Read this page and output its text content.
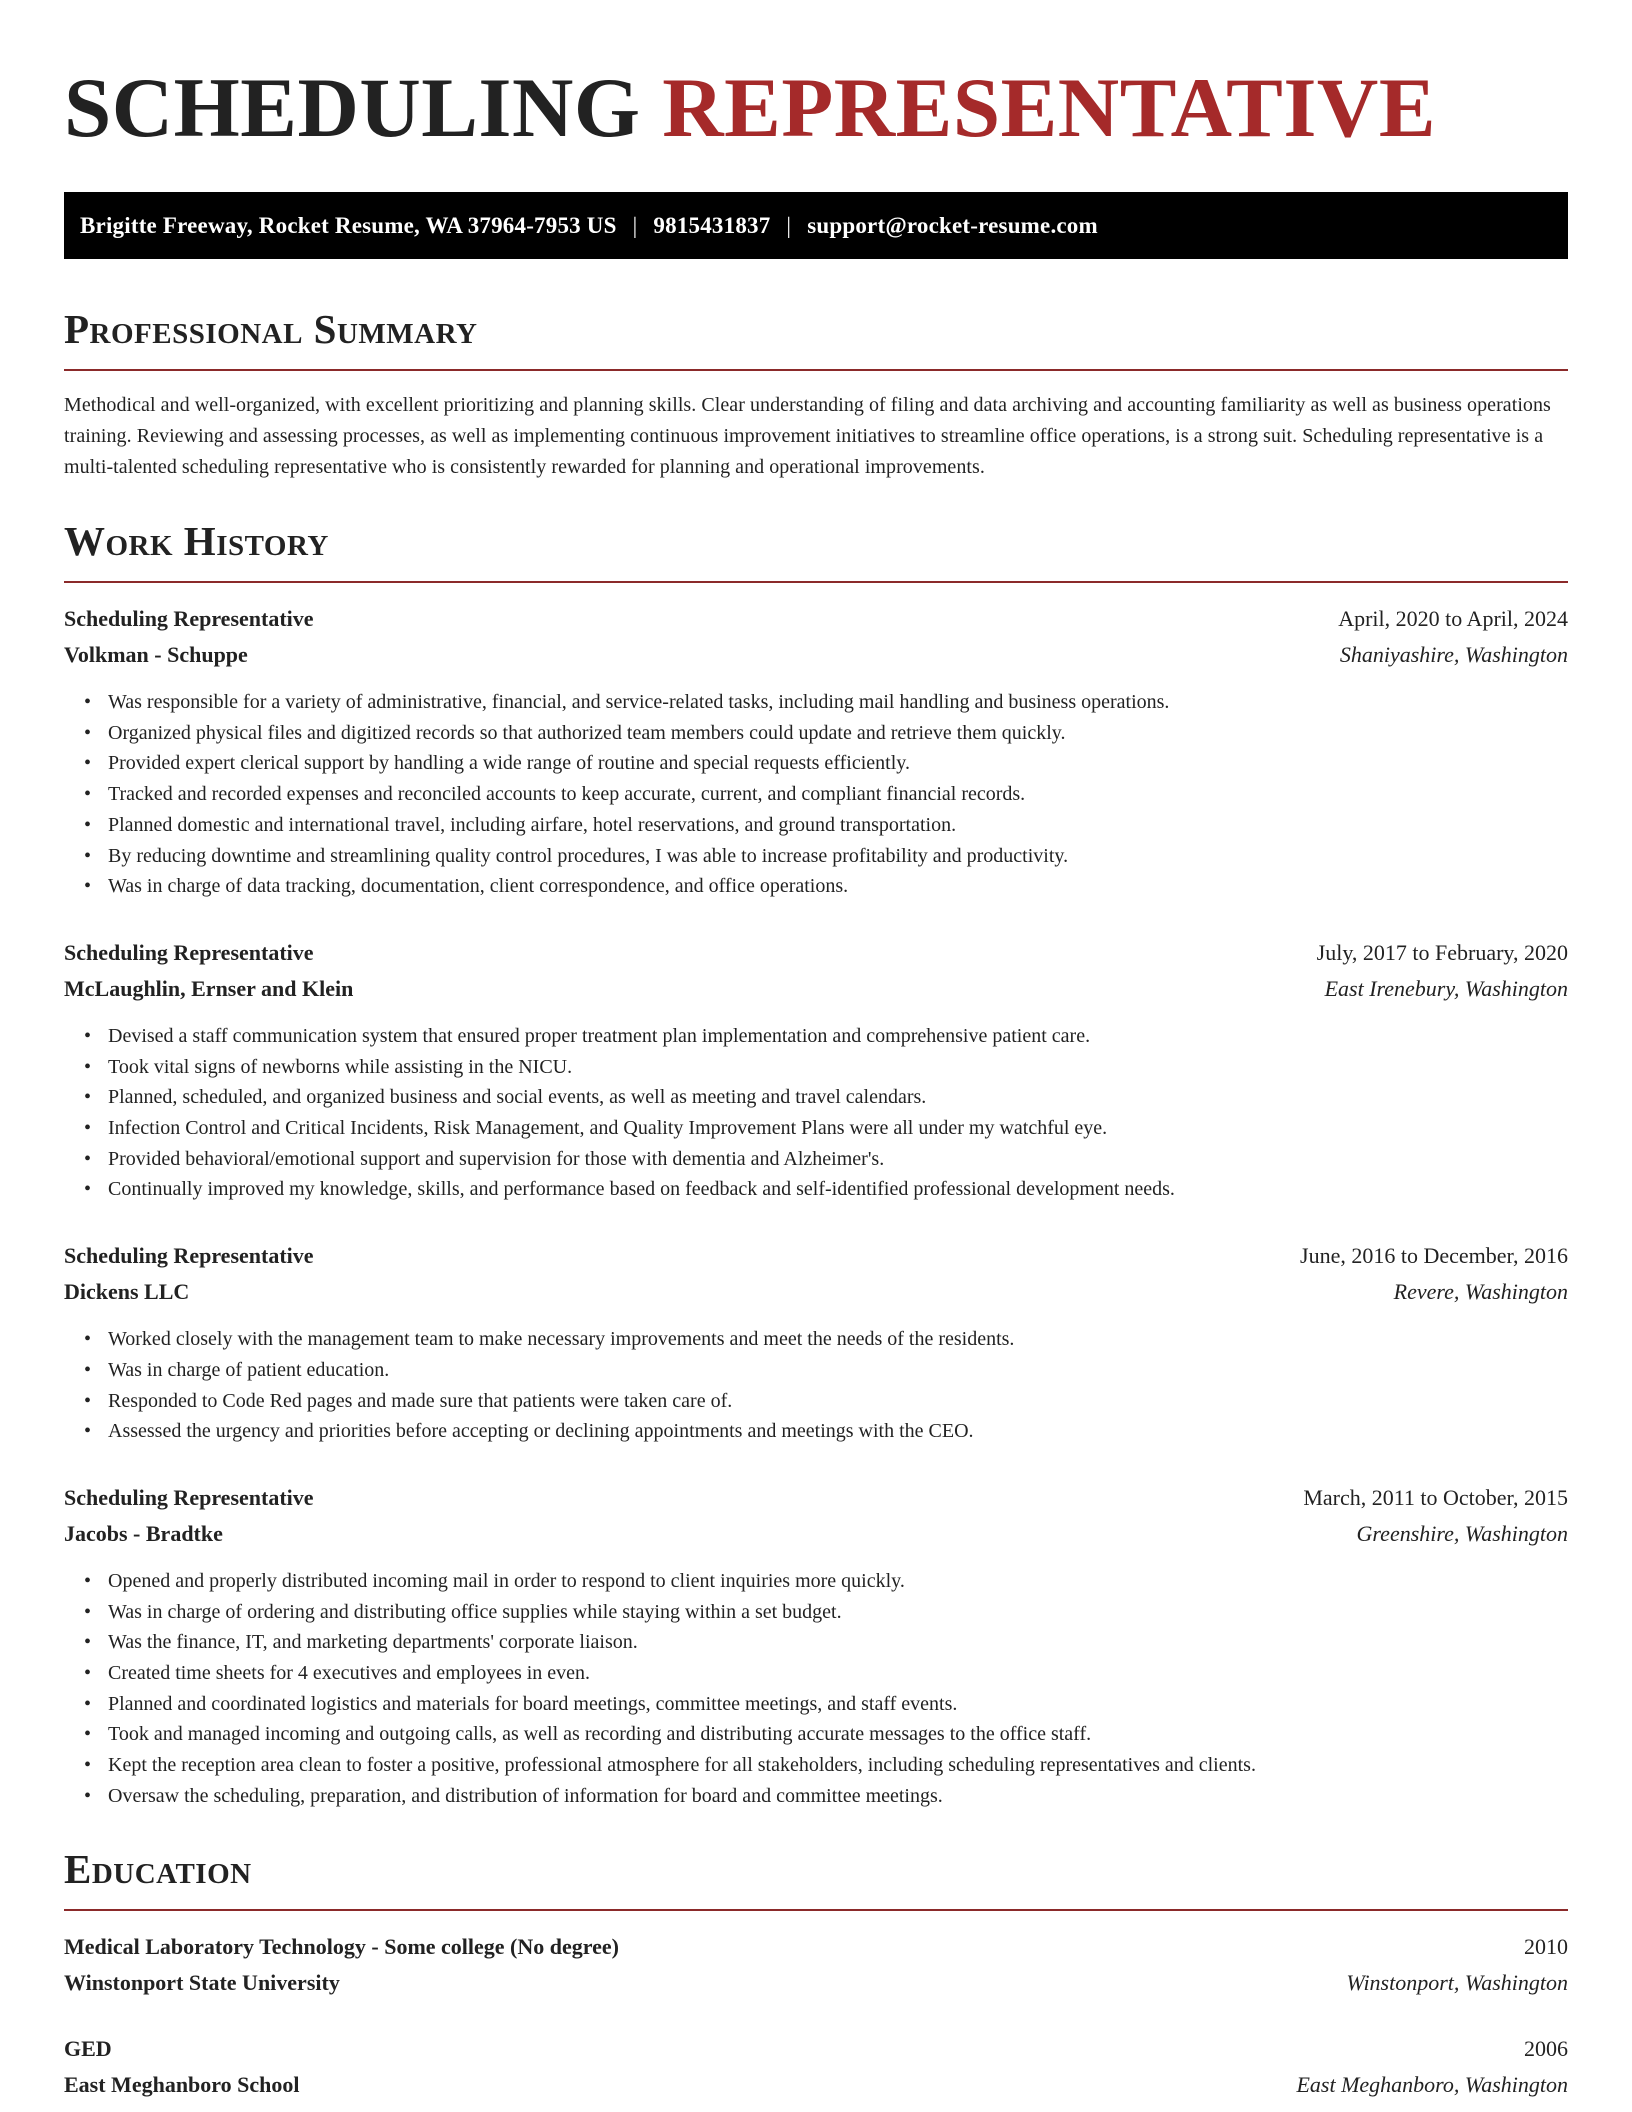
SCHEDULING REPRESENTATIVE
Brigitte Freeway, Rocket Resume, WA 37964-7953 US | 9815431837 | support@rocket-resume.com
Professional Summary

Methodical and well-organized, with excellent prioritizing and planning skills. Clear understanding of filing and data archiving and accounting familiarity as well as business operations training. Reviewing and assessing processes, as well as implementing continuous improvement initiatives to streamline office operations, is a strong suit. Scheduling representative is a multi-talented scheduling representative who is consistently rewarded for planning and operational improvements.

Work History
Scheduling Representative	April, 2020 to April, 2024
Volkman - Schuppe	Shaniyashire, Washington
• Was responsible for a variety of administrative, financial, and service-related tasks, including mail handling and business operations.
• Organized physical files and digitized records so that authorized team members could update and retrieve them quickly.
• Provided expert clerical support by handling a wide range of routine and special requests efficiently.
• Tracked and recorded expenses and reconciled accounts to keep accurate, current, and compliant financial records.
• Planned domestic and international travel, including airfare, hotel reservations, and ground transportation.
• By reducing downtime and streamlining quality control procedures, I was able to increase profitability and productivity.
• Was in charge of data tracking, documentation, client correspondence, and office operations.
Scheduling Representative	July, 2017 to February, 2020
McLaughlin, Ernser and Klein	East Irenebury, Washington
• Devised a staff communication system that ensured proper treatment plan implementation and comprehensive patient care.
• Took vital signs of newborns while assisting in the NICU.
• Planned, scheduled, and organized business and social events, as well as meeting and travel calendars.
• Infection Control and Critical Incidents, Risk Management, and Quality Improvement Plans were all under my watchful eye.
• Provided behavioral/emotional support and supervision for those with dementia and Alzheimer's.
• Continually improved my knowledge, skills, and performance based on feedback and self-identified professional development needs.
Scheduling Representative	June, 2016 to December, 2016
Dickens LLC	Revere, Washington
• Worked closely with the management team to make necessary improvements and meet the needs of the residents.
• Was in charge of patient education.
• Responded to Code Red pages and made sure that patients were taken care of.
• Assessed the urgency and priorities before accepting or declining appointments and meetings with the CEO.
Scheduling Representative	March, 2011 to October, 2015
Jacobs - Bradtke	Greenshire, Washington
• Opened and properly distributed incoming mail in order to respond to client inquiries more quickly.
• Was in charge of ordering and distributing office supplies while staying within a set budget.
• Was the finance, IT, and marketing departments' corporate liaison.
• Created time sheets for 4 executives and employees in even.
• Planned and coordinated logistics and materials for board meetings, committee meetings, and staff events.
• Took and managed incoming and outgoing calls, as well as recording and distributing accurate messages to the office staff.
• Kept the reception area clean to foster a positive, professional atmosphere for all stakeholders, including scheduling representatives and clients.
• Oversaw the scheduling, preparation, and distribution of information for board and committee meetings.
Education
Medical Laboratory Technology - Some college (No degree)	2010
Winstonport State University	Winstonport, Washington
GED	2006
East Meghanboro School	East Meghanboro, Washington
